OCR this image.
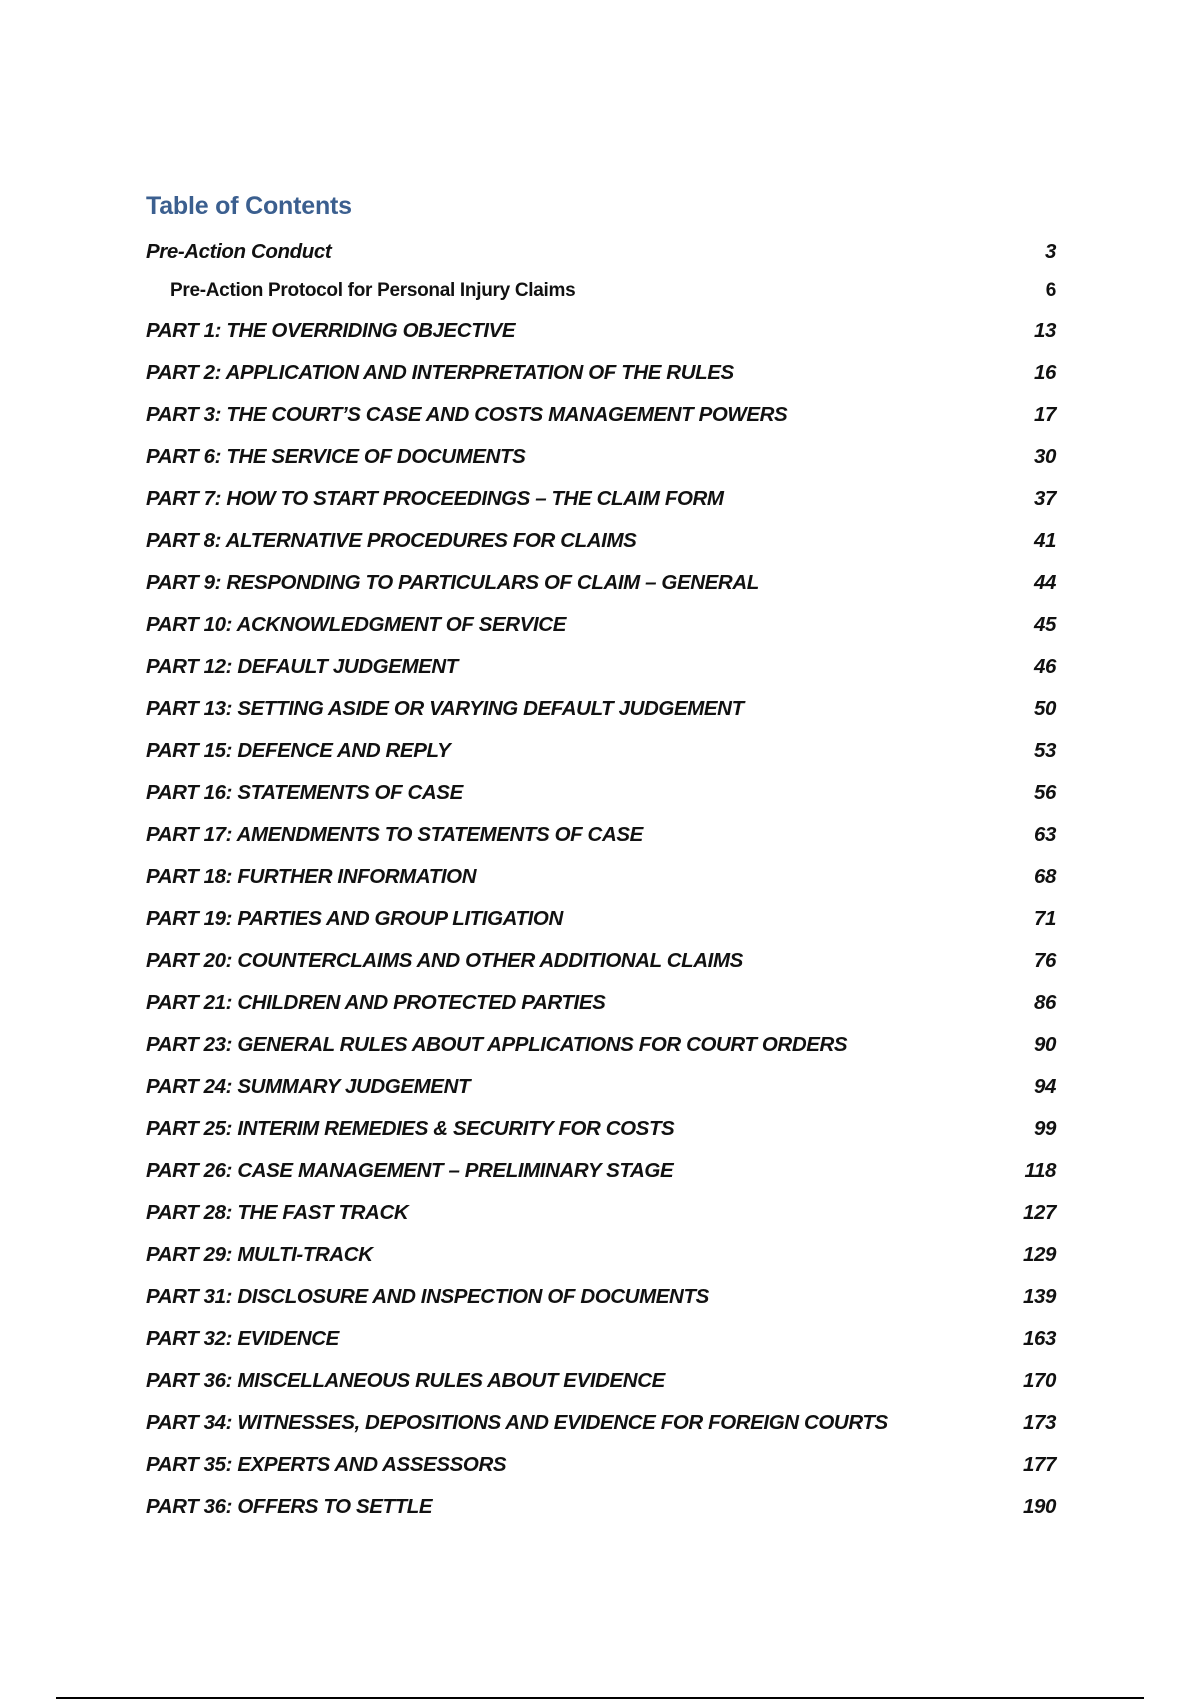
Table of Contents
Pre-Action Conduct	3
Pre-Action Protocol for Personal Injury Claims	6
PART 1: THE OVERRIDING OBJECTIVE	13
PART 2: APPLICATION AND INTERPRETATION OF THE RULES	16
PART 3: THE COURT’S CASE AND COSTS MANAGEMENT POWERS	17
PART 6: THE SERVICE OF DOCUMENTS	30
PART 7: HOW TO START PROCEEDINGS – THE CLAIM FORM	37
PART 8: ALTERNATIVE PROCEDURES FOR CLAIMS	41
PART 9: RESPONDING TO PARTICULARS OF CLAIM – GENERAL	44
PART 10: ACKNOWLEDGMENT OF SERVICE	45
PART 12: DEFAULT JUDGEMENT	46
PART 13: SETTING ASIDE OR VARYING DEFAULT JUDGEMENT	50
PART 15: DEFENCE AND REPLY	53
PART 16: STATEMENTS OF CASE	56
PART 17: AMENDMENTS TO STATEMENTS OF CASE	63
PART 18: FURTHER INFORMATION	68
PART 19: PARTIES AND GROUP LITIGATION	71
PART 20: COUNTERCLAIMS AND OTHER ADDITIONAL CLAIMS	76
PART 21: CHILDREN AND PROTECTED PARTIES	86
PART 23: GENERAL RULES ABOUT APPLICATIONS FOR COURT ORDERS	90
PART 24: SUMMARY JUDGEMENT	94
PART 25: INTERIM REMEDIES & SECURITY FOR COSTS	99
PART 26: CASE MANAGEMENT – PRELIMINARY STAGE	118
PART 28: THE FAST TRACK	127
PART 29: MULTI-TRACK	129
PART 31: DISCLOSURE AND INSPECTION OF DOCUMENTS	139
PART 32: EVIDENCE	163
PART 36: MISCELLANEOUS RULES ABOUT EVIDENCE	170
PART 34: WITNESSES, DEPOSITIONS AND EVIDENCE FOR FOREIGN COURTS	173
PART 35: EXPERTS AND ASSESSORS	177
PART 36: OFFERS TO SETTLE	190
